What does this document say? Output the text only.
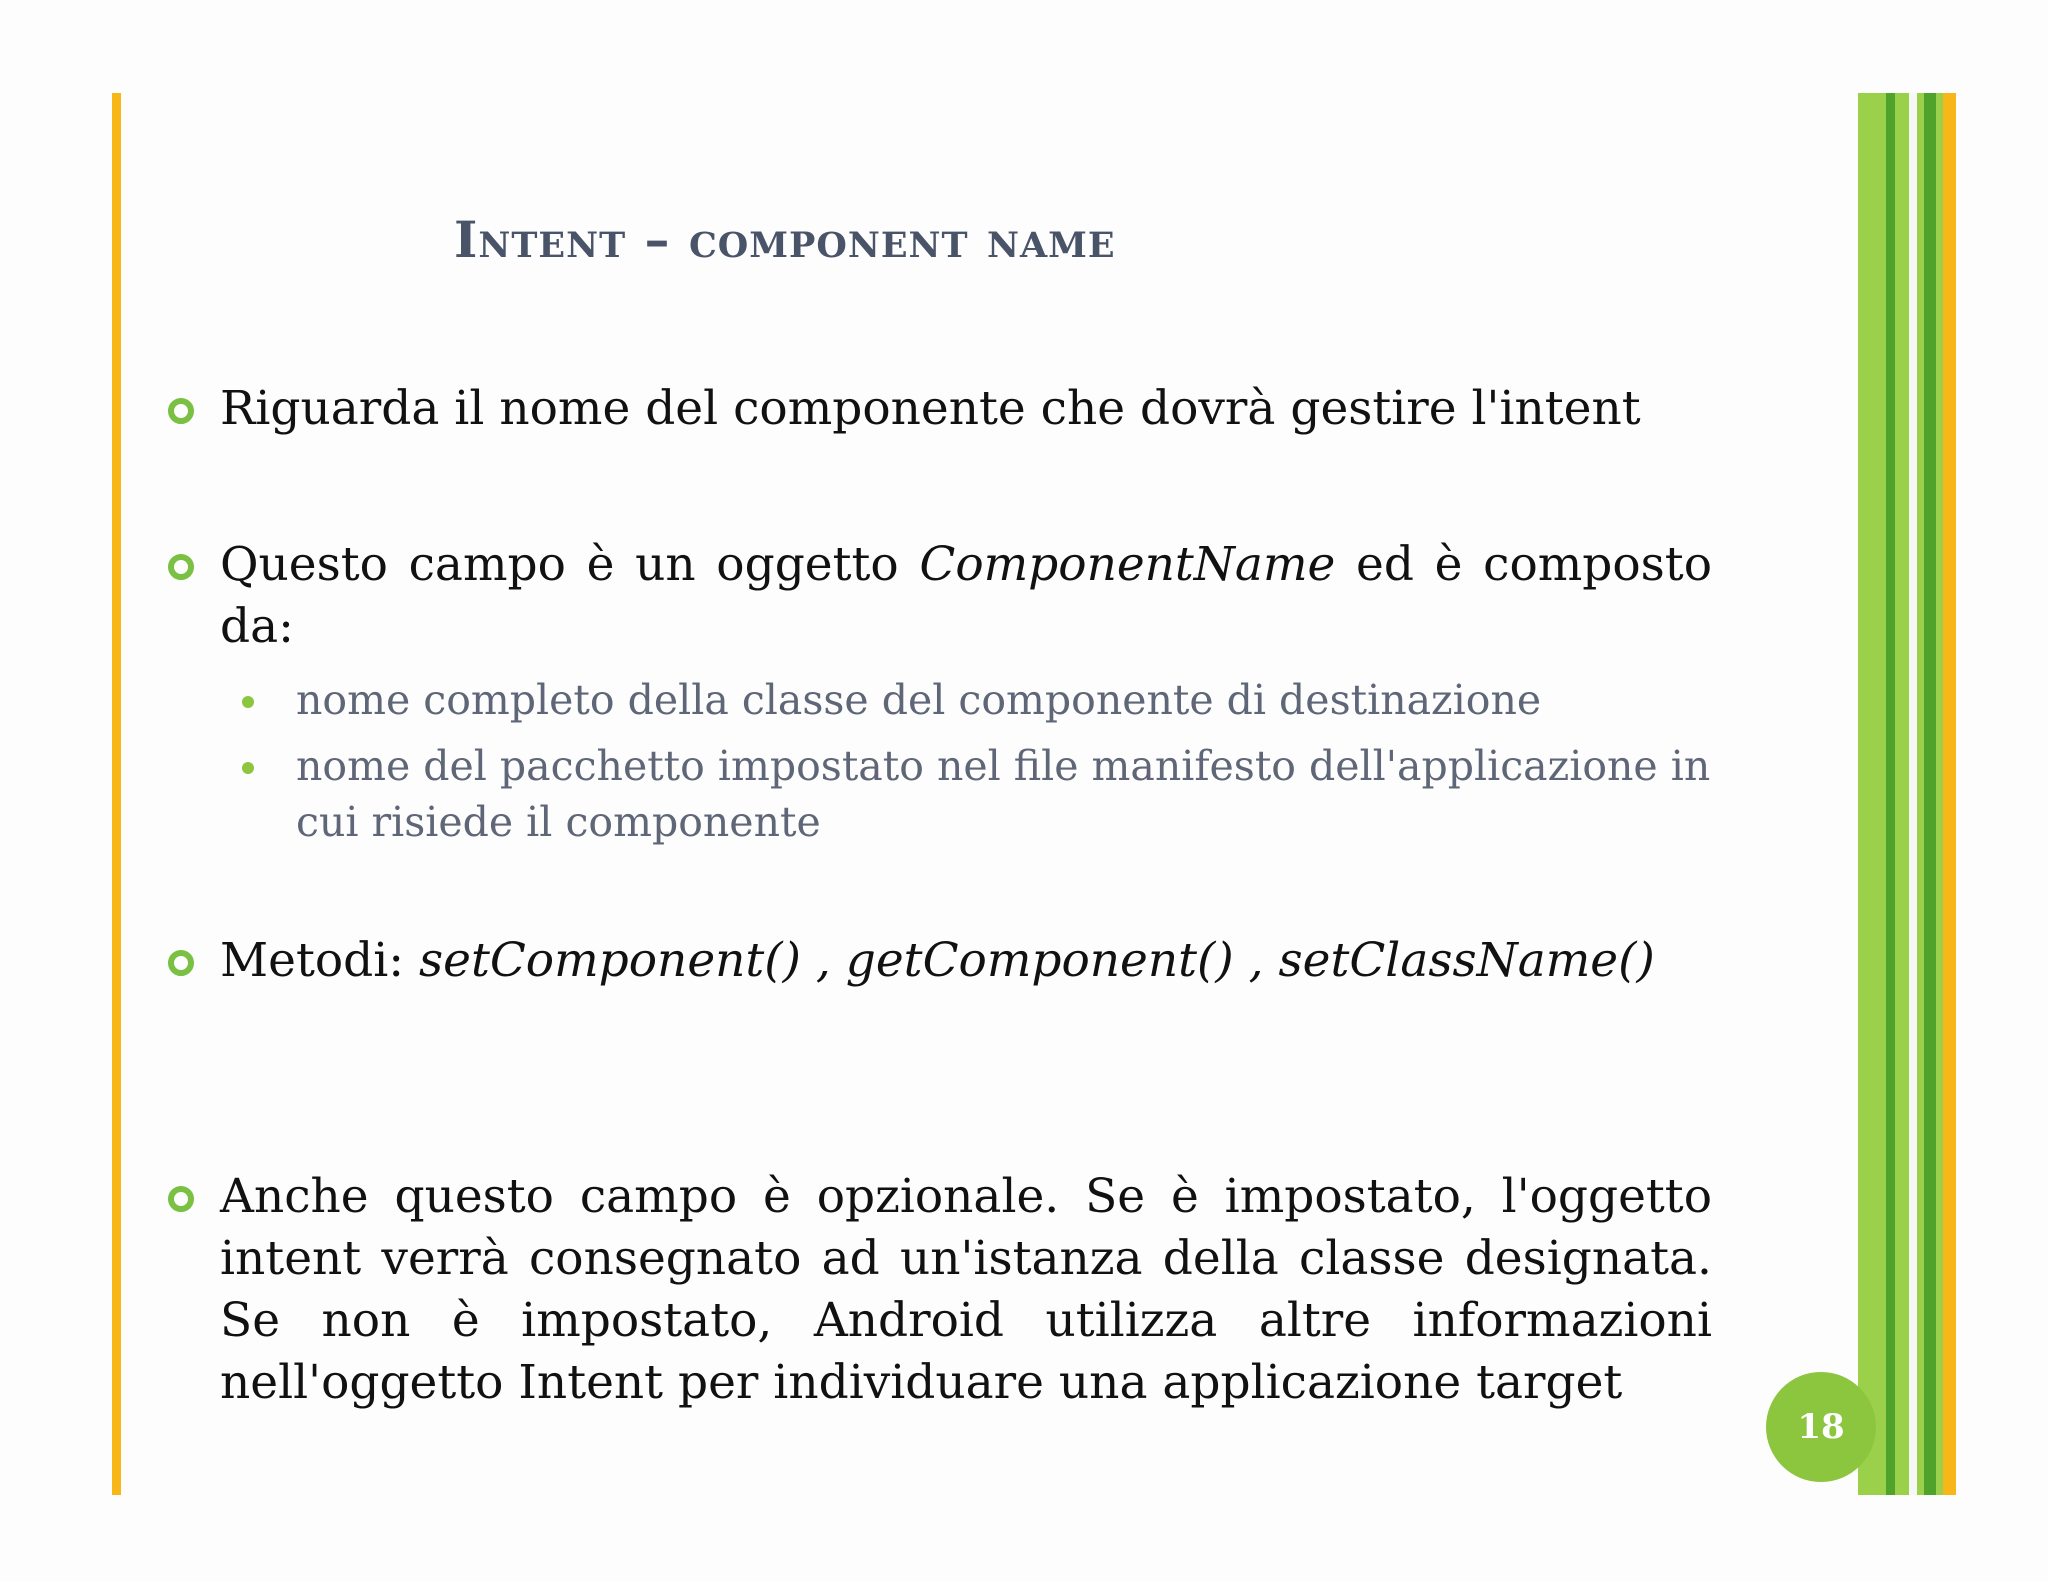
Intent – component name
Riguarda il nome del componente che dovrà gestire l'intent
Questo campo è un oggetto ComponentName ed è composto da:
nome completo della classe del componente di destinazione
nome del pacchetto impostato nel file manifesto dell'applicazione in cui risiede il componente
Metodi: setComponent() , getComponent() , setClassName()
Anche questo campo è opzionale. Se è impostato, l'oggetto intent verrà consegnato ad un'istanza della classe designata. Se non è impostato, Android utilizza altre informazioni nell'oggetto Intent per individuare una applicazione target
18
